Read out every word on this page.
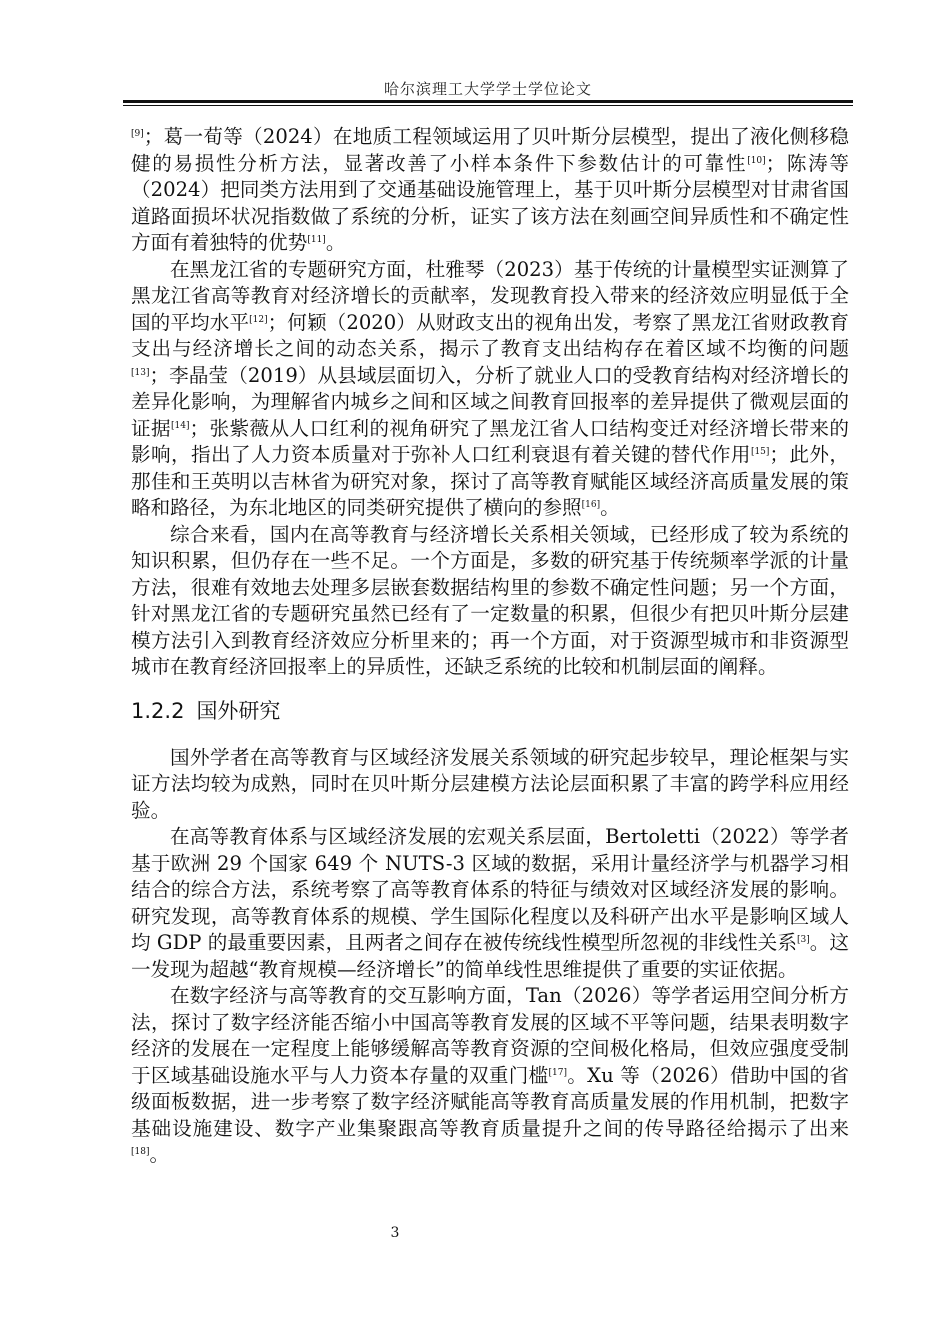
哈尔滨理工大学学士学位论文

[9]；葛一荀等（2024）在地质工程领域运用了贝叶斯分层模型，提出了液化侧移稳健的易损性分析方法，显著改善了小样本条件下参数估计的可靠性[10]；陈涛等（2024）把同类方法用到了交通基础设施管理上，基于贝叶斯分层模型对甘肃省国道路面损坏状况指数做了系统的分析，证实了该方法在刻画空间异质性和不确定性方面有着独特的优势[11]。

在黑龙江省的专题研究方面，杜雅琴（2023）基于传统的计量模型实证测算了黑龙江省高等教育对经济增长的贡献率，发现教育投入带来的经济效应明显低于全国的平均水平[12]；何颖（2020）从财政支出的视角出发，考察了黑龙江省财政教育支出与经济增长之间的动态关系，揭示了教育支出结构存在着区域不均衡的问题[13]；李晶莹（2019）从县域层面切入，分析了就业人口的受教育结构对经济增长的差异化影响，为理解省内城乡之间和区域之间教育回报率的差异提供了微观层面的证据[14]；张紫薇从人口红利的视角研究了黑龙江省人口结构变迁对经济增长带来的影响，指出了人力资本质量对于弥补人口红利衰退有着关键的替代作用[15]；此外，那佳和王英明以吉林省为研究对象，探讨了高等教育赋能区域经济高质量发展的策略和路径，为东北地区的同类研究提供了横向的参照[16]。

综合来看，国内在高等教育与经济增长关系相关领域，已经形成了较为系统的知识积累，但仍存在一些不足。一个方面是，多数的研究基于传统频率学派的计量方法，很难有效地去处理多层嵌套数据结构里的参数不确定性问题；另一个方面，针对黑龙江省的专题研究虽然已经有了一定数量的积累，但很少有把贝叶斯分层建模方法引入到教育经济效应分析里来的；再一个方面，对于资源型城市和非资源型城市在教育经济回报率上的异质性，还缺乏系统的比较和机制层面的阐释。

1.2.2 国外研究

国外学者在高等教育与区域经济发展关系领域的研究起步较早，理论框架与实证方法均较为成熟，同时在贝叶斯分层建模方法论层面积累了丰富的跨学科应用经验。

在高等教育体系与区域经济发展的宏观关系层面，Bertoletti（2022）等学者基于欧洲 29 个国家 649 个 NUTS-3 区域的数据，采用计量经济学与机器学习相结合的综合方法，系统考察了高等教育体系的特征与绩效对区域经济发展的影响。研究发现，高等教育体系的规模、学生国际化程度以及科研产出水平是影响区域人均 GDP 的最重要因素，且两者之间存在被传统线性模型所忽视的非线性关系[3]。这一发现为超越“教育规模—经济增长”的简单线性思维提供了重要的实证依据。

在数字经济与高等教育的交互影响方面，Tan（2026）等学者运用空间分析方法，探讨了数字经济能否缩小中国高等教育发展的区域不平等问题，结果表明数字经济的发展在一定程度上能够缓解高等教育资源的空间极化格局，但效应强度受制于区域基础设施水平与人力资本存量的双重门槛[17]。Xu 等（2026）借助中国的省级面板数据，进一步考察了数字经济赋能高等教育高质量发展的作用机制，把数字基础设施建设、数字产业集聚跟高等教育质量提升之间的传导路径给揭示了出来[18]。

3
